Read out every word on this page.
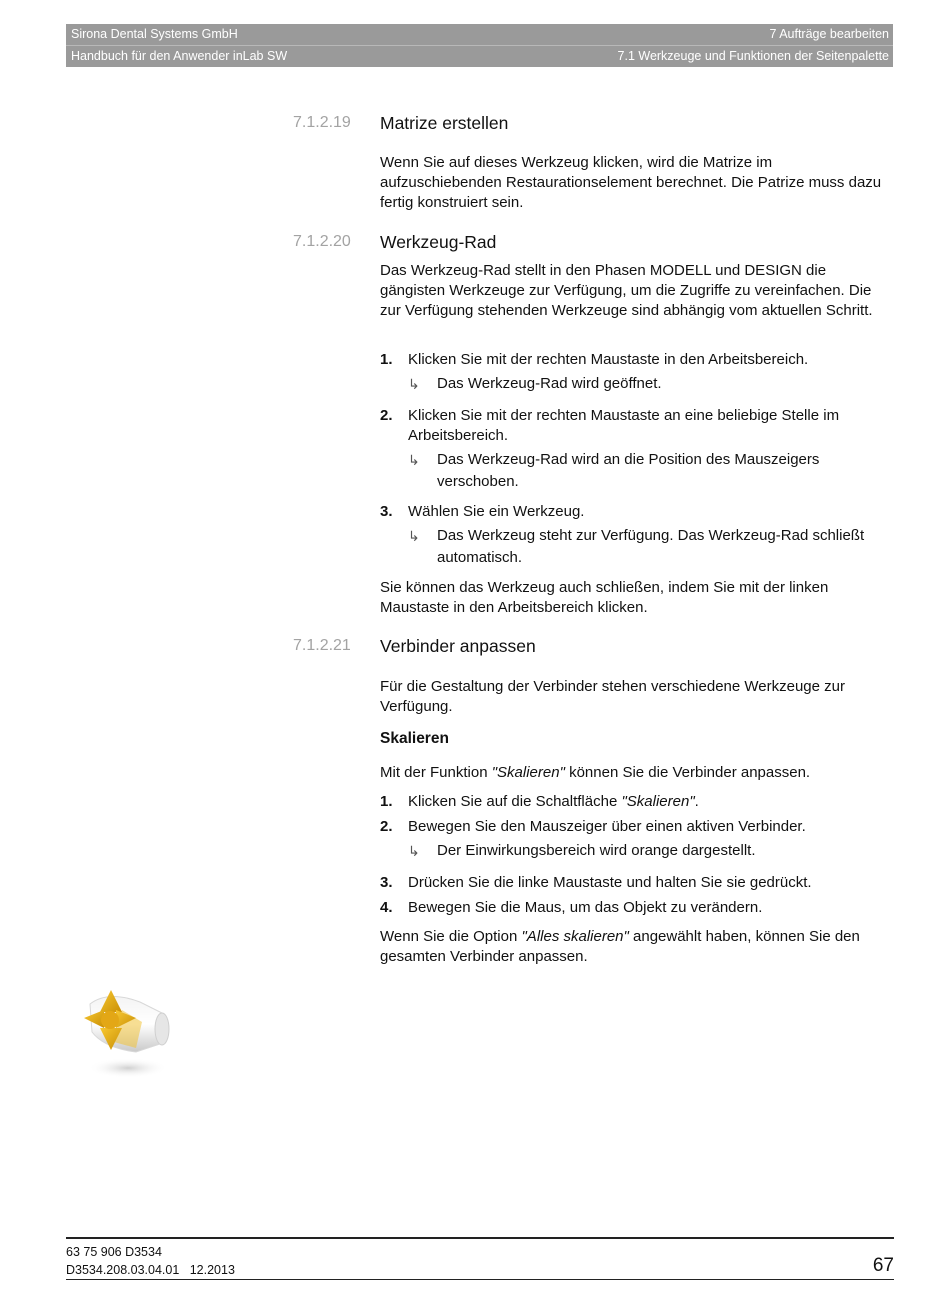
Sirona Dental Systems GmbH	7 Aufträge bearbeiten
Handbuch für den Anwender inLab SW	7.1 Werkzeuge und Funktionen der Seitenpalette
7.1.2.19 Matrize erstellen

Wenn Sie auf dieses Werkzeug klicken, wird die Matrize im aufzuschiebenden Restaurationselement berechnet. Die Patrize muss dazu fertig konstruiert sein.

7.1.2.20 Werkzeug-Rad

Das Werkzeug-Rad stellt in den Phasen MODELL und DESIGN die gängisten Werkzeuge zur Verfügung, um die Zugriffe zu vereinfachen. Die zur Verfügung stehenden Werkzeuge sind abhängig vom aktuellen Schritt.

1. Klicken Sie mit der rechten Maustaste in den Arbeitsbereich.
↳ Das Werkzeug-Rad wird geöffnet.
2. Klicken Sie mit der rechten Maustaste an eine beliebige Stelle im Arbeitsbereich.
↳ Das Werkzeug-Rad wird an die Position des Mauszeigers verschoben.
3. Wählen Sie ein Werkzeug.
↳ Das Werkzeug steht zur Verfügung. Das Werkzeug-Rad schließt automatisch.

Sie können das Werkzeug auch schließen, indem Sie mit der linken Maustaste in den Arbeitsbereich klicken.

7.1.2.21 Verbinder anpassen

Für die Gestaltung der Verbinder stehen verschiedene Werkzeuge zur Verfügung.

Skalieren

Mit der Funktion "Skalieren" können Sie die Verbinder anpassen.

1. Klicken Sie auf die Schaltfläche "Skalieren".
2. Bewegen Sie den Mauszeiger über einen aktiven Verbinder.
↳ Der Einwirkungsbereich wird orange dargestellt.
3. Drücken Sie die linke Maustaste und halten Sie sie gedrückt.
4. Bewegen Sie die Maus, um das Objekt zu verändern.

Wenn Sie die Option "Alles skalieren" angewählt haben, können Sie den gesamten Verbinder anpassen.

63 75 906 D3534
D3534.208.03.04.01   12.2013	67
